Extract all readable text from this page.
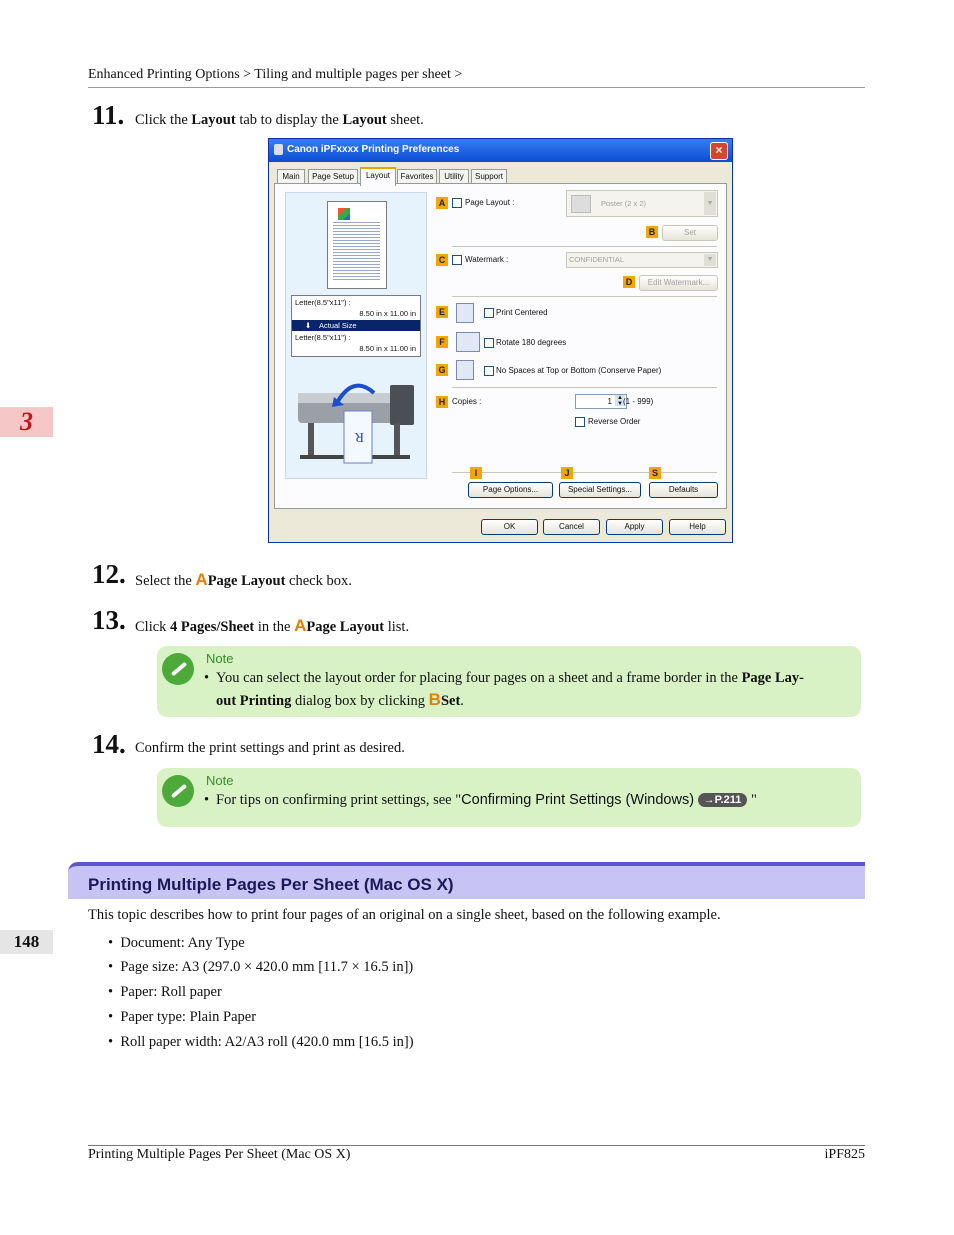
Enhanced Printing Options > Tiling and multiple pages per sheet >
3
148
11. Click the Layout tab to display the Layout sheet.
Canon iPFxxxx Printing Preferences	×
Main	Page Setup	Layout	Favorites	Utility	Support
Letter(8.5"x11") :
8.50 in x 11.00 in
⬇ Actual Size
Letter(8.5"x11") :
8.50 in x 11.00 in
R
A	Page Layout :	Poster (2 x 2)	▼
B	Set
C	Watermark :	CONFIDENTIAL	▼
D	Edit Watermark...
E	Print Centered
F	Rotate 180 degrees
G	No Spaces at Top or Bottom (Conserve Paper)
H Copies :	1 ▲
▼ (1 - 999)
Reverse Order
I	J	S
Page Options...	Special Settings...	Defaults
OK	Cancel	Apply	Help
12. Select the APage Layout check box.
13. Click 4 Pages/Sheet in the APage Layout list.
Note
• You can select the layout order for placing four pages on a sheet and a frame border in the Page Lay-
out Printing dialog box by clicking BSet.
14. Confirm the print settings and print as desired.
Note
• For tips on confirming print settings, see "Confirming Print Settings (Windows) →P.211 "
Printing Multiple Pages Per Sheet (Mac OS X)
This topic describes how to print four pages of an original on a single sheet, based on the following example.
•  Document: Any Type
•  Page size: A3 (297.0 × 420.0 mm [11.7 × 16.5 in])
•  Paper: Roll paper
•  Paper type: Plain Paper
•  Roll paper width: A2/A3 roll (420.0 mm [16.5 in])
Printing Multiple Pages Per Sheet (Mac OS X)	iPF825
